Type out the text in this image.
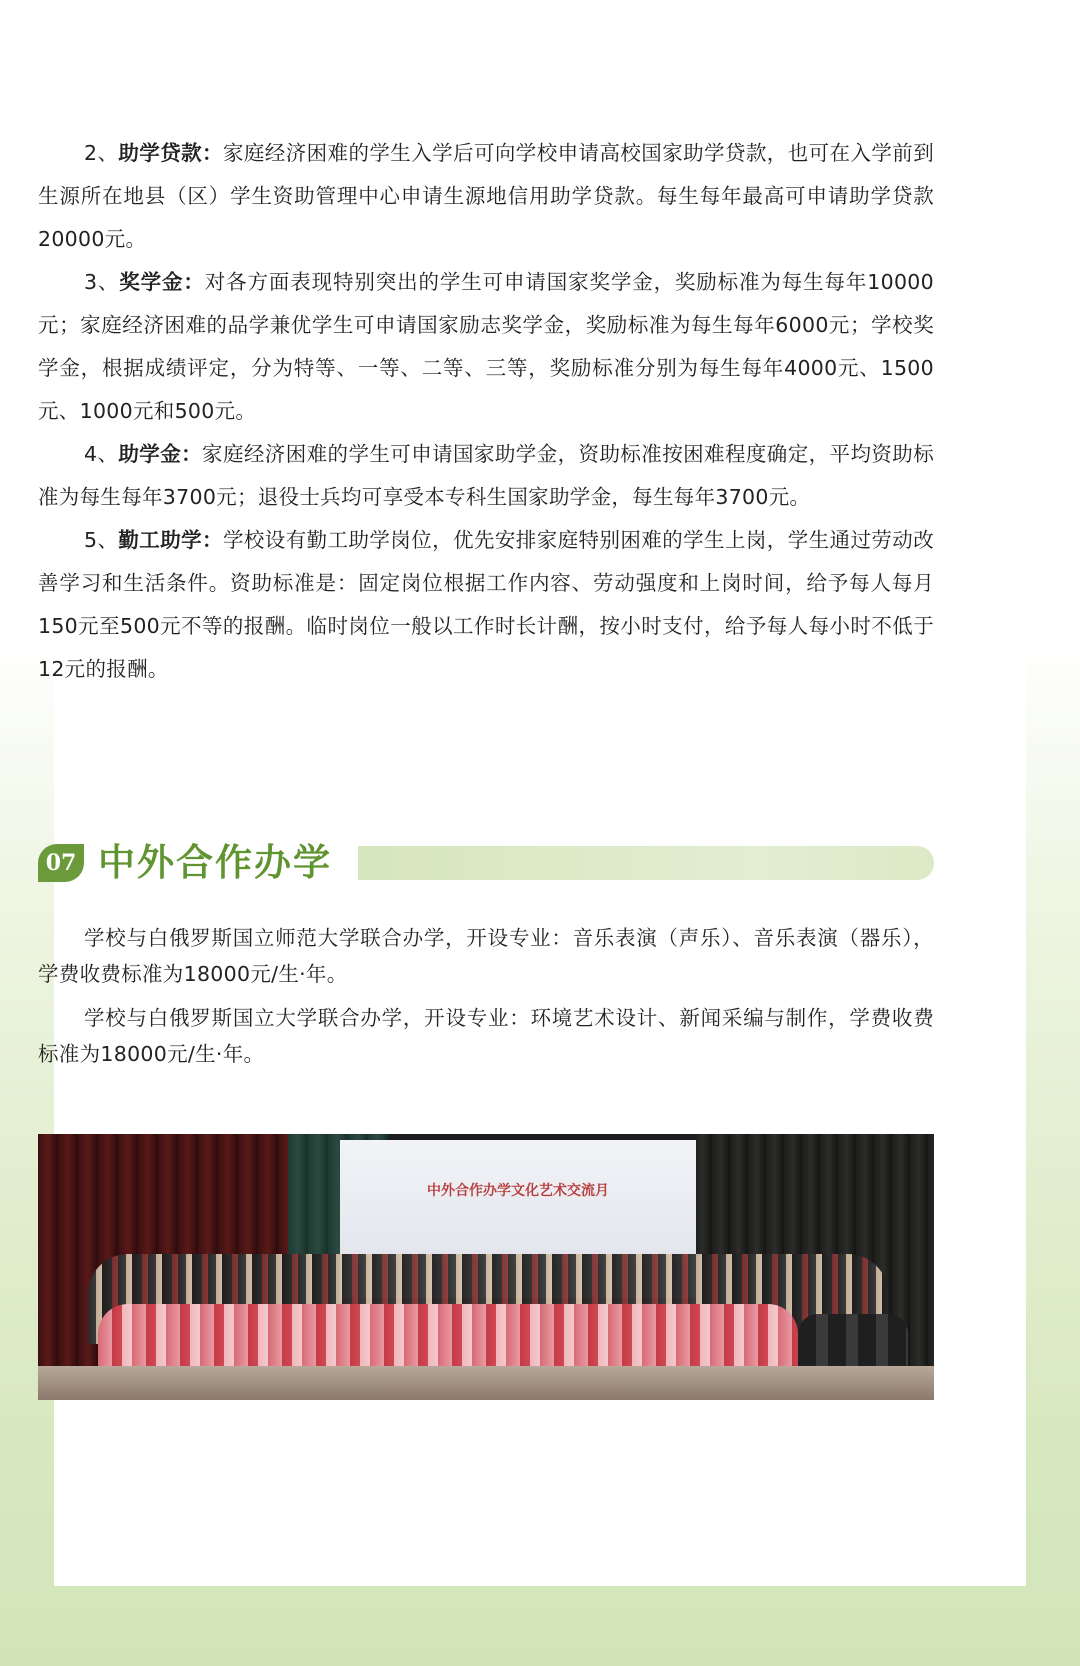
2、助学贷款：家庭经济困难的学生入学后可向学校申请高校国家助学贷款，也可在入学前到生源所在地县（区）学生资助管理中心申请生源地信用助学贷款。每生每年最高可申请助学贷款20000元。

3、奖学金：对各方面表现特别突出的学生可申请国家奖学金，奖励标准为每生每年10000元；家庭经济困难的品学兼优学生可申请国家励志奖学金，奖励标准为每生每年6000元；学校奖学金，根据成绩评定，分为特等、一等、二等、三等，奖励标准分别为每生每年4000元、1500元、1000元和500元。

4、助学金：家庭经济困难的学生可申请国家助学金，资助标准按困难程度确定，平均资助标准为每生每年3700元；退役士兵均可享受本专科生国家助学金，每生每年3700元。

5、勤工助学：学校设有勤工助学岗位，优先安排家庭特别困难的学生上岗，学生通过劳动改善学习和生活条件。资助标准是：固定岗位根据工作内容、劳动强度和上岗时间，给予每人每月150元至500元不等的报酬。临时岗位一般以工作时长计酬，按小时支付，给予每人每小时不低于12元的报酬。

07 中外合作办学

学校与白俄罗斯国立师范大学联合办学，开设专业：音乐表演（声乐）、音乐表演（器乐），学费收费标准为18000元/生·年。

学校与白俄罗斯国立大学联合办学，开设专业：环境艺术设计、新闻采编与制作，学费收费标准为18000元/生·年。

中外合作办学文化艺术交流月
